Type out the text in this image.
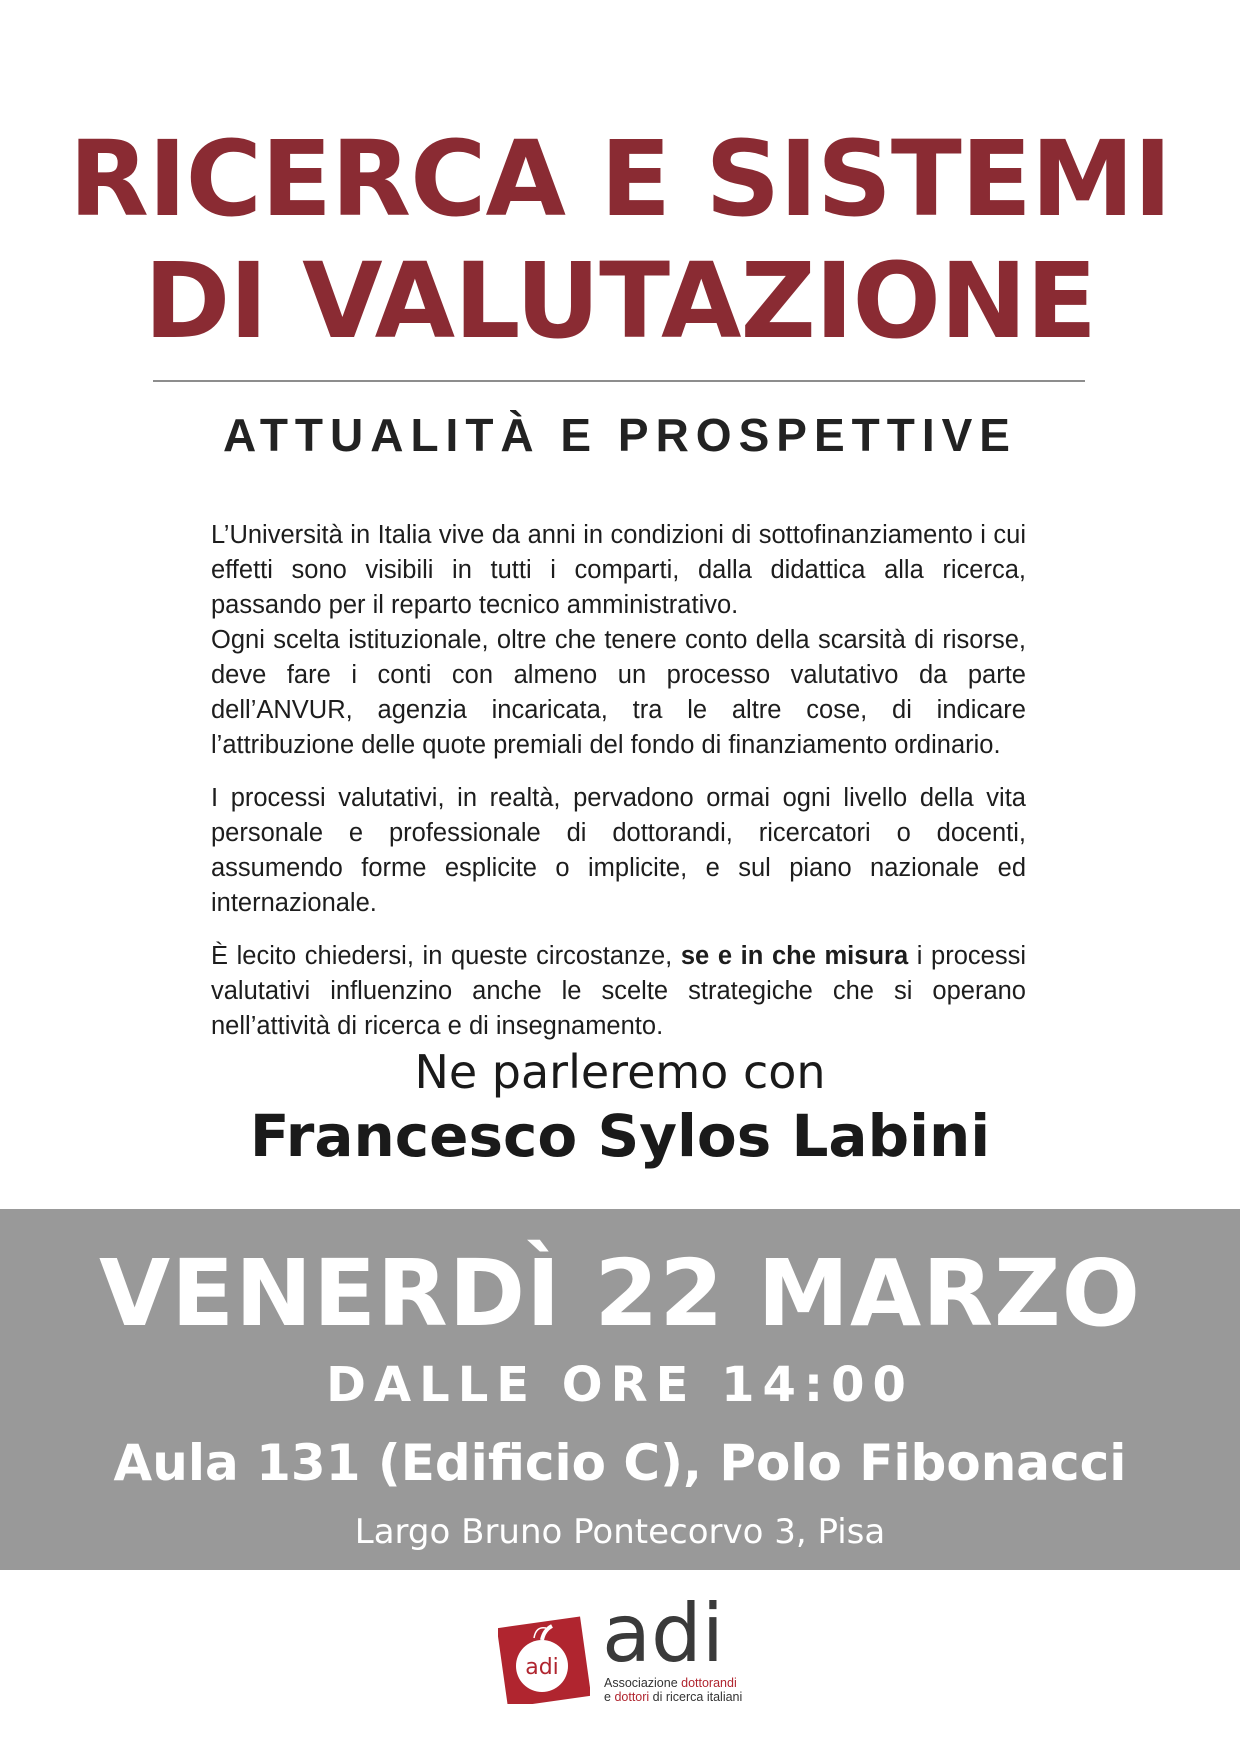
RICERCA E SISTEMI
DI VALUTAZIONE
ATTUALITÀ E PROSPETTIVE

L’Università in Italia vive da anni in condizioni di sottofinanziamento i cui effetti sono visibili in tutti i comparti, dalla didattica alla ricerca, passando per il reparto tecnico amministrativo.

Ogni scelta istituzionale, oltre che tenere conto della scarsità di risorse, deve fare i conti con almeno un processo valutativo da parte dell’ANVUR, agenzia incaricata, tra le altre cose, di indicare l’attribuzione delle quote premiali del fondo di finanziamento ordinario.

I processi valutativi, in realtà, pervadono ormai ogni livello della vita personale e professionale di dottorandi, ricercatori o docenti, assumendo forme esplicite o implicite, e sul piano nazionale ed internazionale.

È lecito chiedersi, in queste circostanze, se e in che misura i processi valutativi influenzino anche le scelte strategiche che si operano nell’attività di ricerca e di insegnamento.

Ne parleremo con
Francesco Sylos Labini
VENERDÌ 22 MARZO
DALLE ORE 14:00
Aula 131 (Edificio C), Polo Fibonacci
Largo Bruno Pontecorvo 3, Pisa
adi adi
Associazione dottorandi
e dottori di ricerca italiani
